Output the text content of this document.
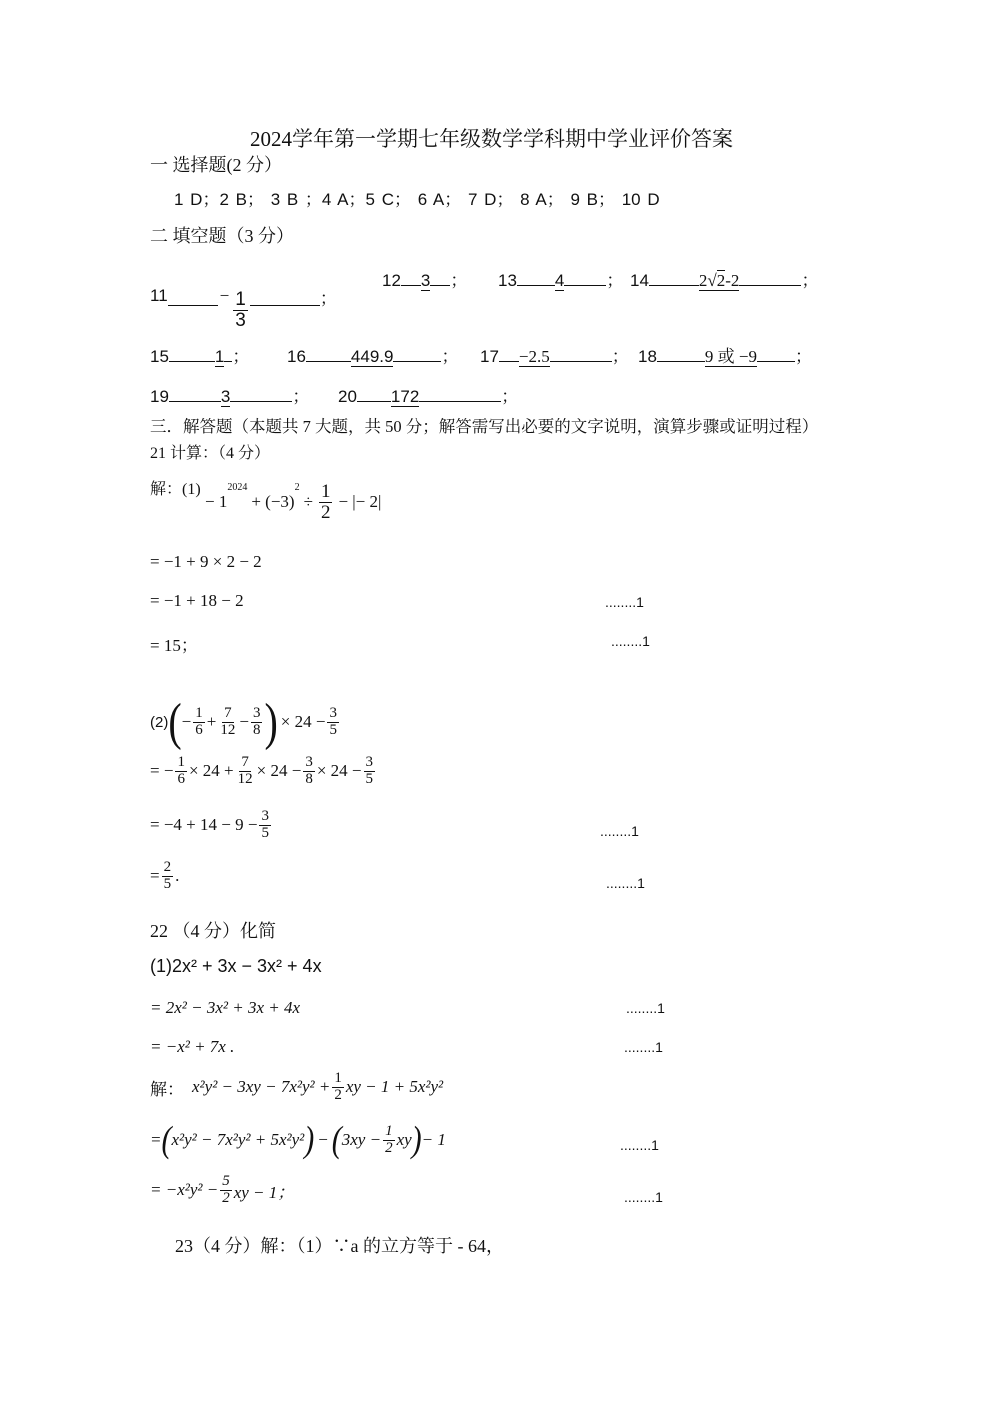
2024学年第一学期七年级数学学科期中学业评价答案
一 选择题(2 分）
1 D；2 B； 3 B ；4 A；5 C； 6 A； 7 D； 8 A； 9 B； 10 D
二 填空题（3 分）
11	− $\frac{1}{3}$	；
12 3 ； 13 4 ； 14	2√2-2	；
15	1 ； 16	449.9	； 17 −2.5	； 18	9 或 −9 ；
19	3	； 20 172	；
三．解答题（本题共 7 大题，共 50 分；解答需写出必要的文字说明，演算步骤或证明过程）
21 计算：（4 分）
解：(1)
− 1
$^{2024}$
+ (−3)
$^2$
÷ $\frac{1}{2}$ − |− 2|
= −1 + 9 × 2 − 2
= −1 + 18 − 2	........1
= 15；	........1
(2) ( − $\frac{1}{6} + \frac{7}{12} - \frac{3}{8}$ ) × $24 - \frac{3}{5}$
= − $\frac{1}{6} \times 24 + \frac{7}{12} \times 24 - \frac{3}{8} \times 24 - \frac{3}{5}$
= $-4 + 14 - 9 - \frac{3}{5}$	........1
= $\frac{2}{5}$ .	........1
22 （4 分）化简
(1)2x² + 3x − 3x² + 4x
= 2x² − 3x² + 3x + 4x	........1
= −x² + 7x .	........1
解： $x^2y^2 - 3xy - 7x^2y^2 + \frac{1}{2}$ xy − 1 + 5x²y²
= ( x²y² − 7x²y² + 5x²y² ) − ( $3xy - \frac{1}{2}$ xy ) − 1	........1
= $-x^2y^2 - \frac{5}{2}$ xy − 1；	........1
23（4 分）解：（1）∵a 的立方等于 - 64，
